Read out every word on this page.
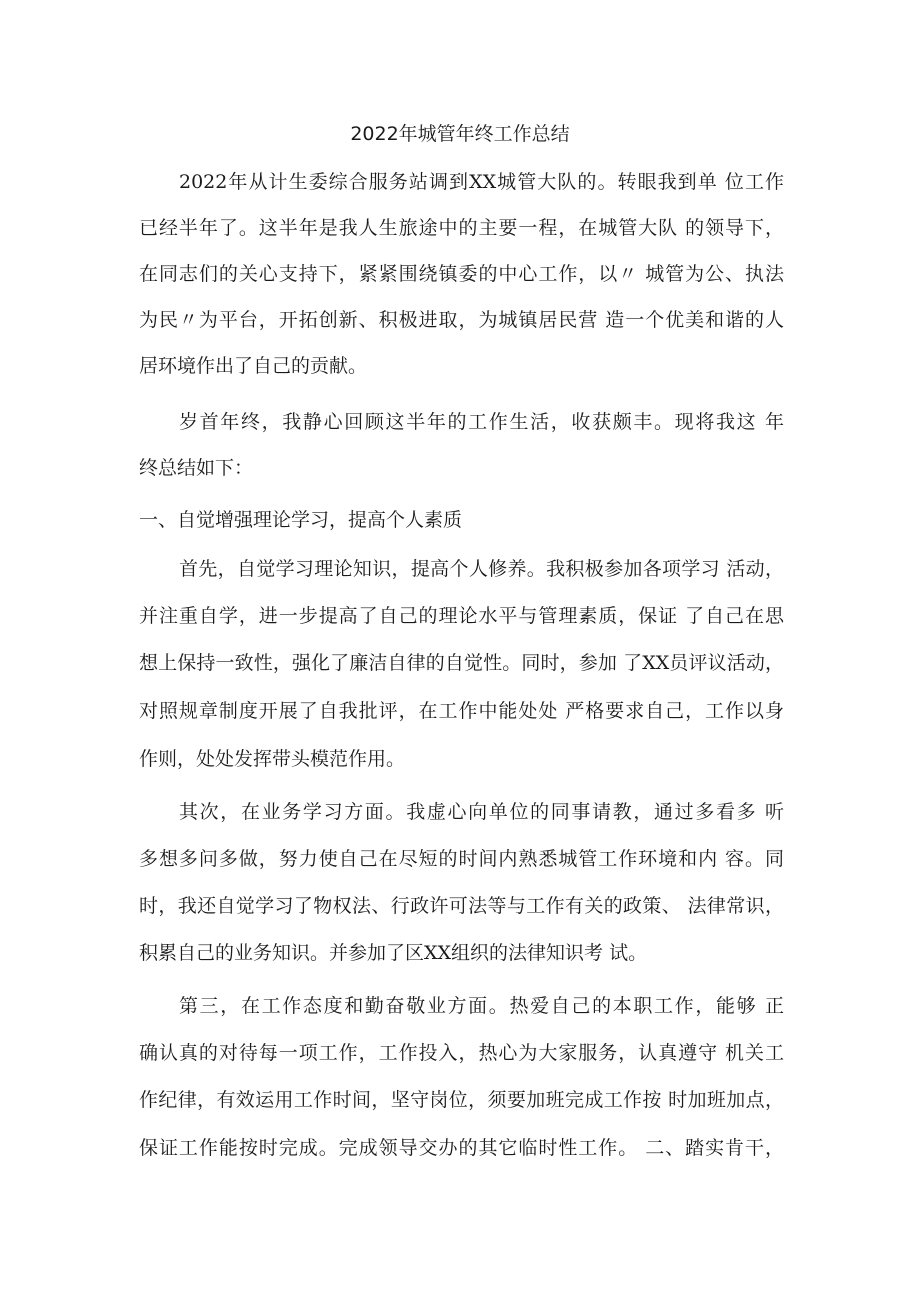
2022年城管年终工作总结
2022年从计生委综合服务站调到XX城管大队的。转眼我到单 位工作
已经半年了。这半年是我人生旅途中的主要一程，在城管大队 的领导下，
在同志们的关心支持下，紧紧围绕镇委的中心工作，以〃 城管为公、执法
为民〃为平台，开拓创新、积极进取，为城镇居民营 造一个优美和谐的人
居环境作出了自己的贡献。
岁首年终，我静心回顾这半年的工作生活，收获颇丰。现将我这 年
终总结如下：
一、自觉增强理论学习，提高个人素质
首先，自觉学习理论知识，提高个人修养。我积极参加各项学习 活动，
并注重自学，进一步提高了自己的理论水平与管理素质，保证 了自己在思
想上保持一致性，强化了廉洁自律的自觉性。同时，参加 了XX员评议活动，
对照规章制度开展了自我批评，在工作中能处处 严格要求自己，工作以身
作则，处处发挥带头模范作用。
其次，在业务学习方面。我虚心向单位的同事请教，通过多看多 听
多想多问多做，努力使自己在尽短的时间内熟悉城管工作环境和内 容。同
时，我还自觉学习了物权法、行政许可法等与工作有关的政策、 法律常识，
积累自己的业务知识。并参加了区XX组织的法律知识考 试。
第三，在工作态度和勤奋敬业方面。热爱自己的本职工作，能够 正
确认真的对待每一项工作，工作投入，热心为大家服务，认真遵守 机关工
作纪律，有效运用工作时间，坚守岗位，须要加班完成工作按 时加班加点，
保证工作能按时完成。完成领导交办的其它临时性工作。 二、踏实肯干，
